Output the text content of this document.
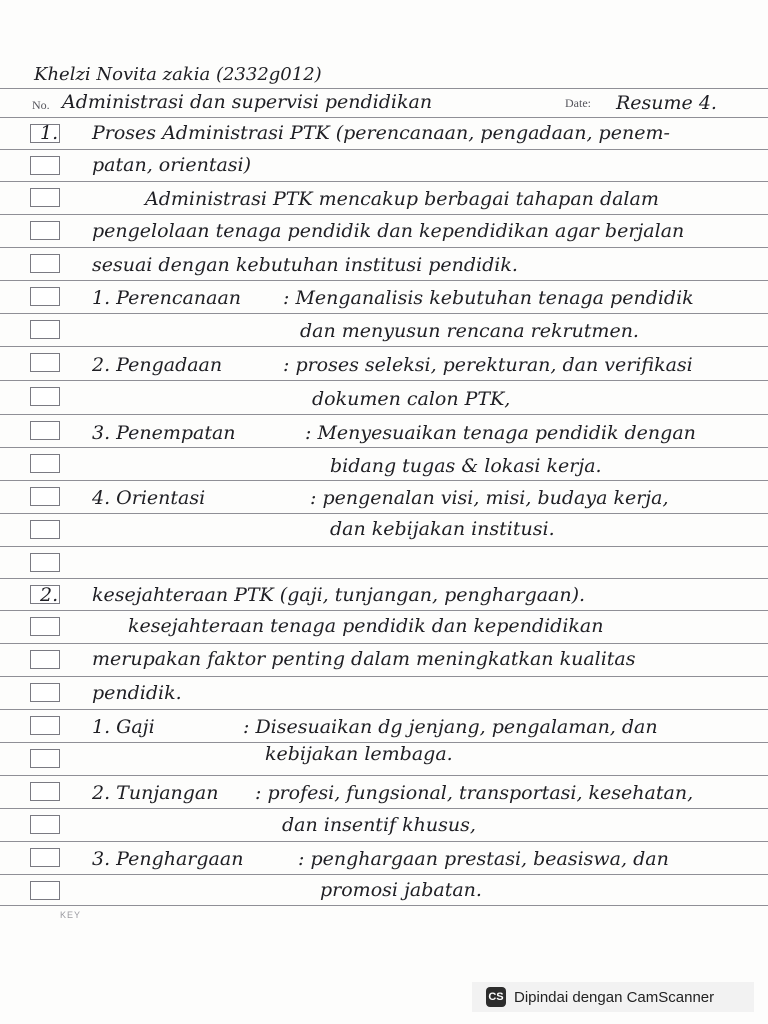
Khelzi Novita zakia (2332g012)
No. Administrasi dan supervisi pendidikan	Date: Resume 4.
1. Proses Administrasi PTK (perencanaan, pengadaan, penem-
patan, orientasi)
Administrasi PTK mencakup berbagai tahapan dalam
pengelolaan tenaga pendidik dan kependidikan agar berjalan
sesuai dengan kebutuhan institusi pendidik.
1. Perencanaan : Menganalisis kebutuhan tenaga pendidik
dan menyusun rencana rekrutmen.
2. Pengadaan	: proses seleksi, perekturan, dan verifikasi
dokumen calon PTK,
3. Penempatan	: Menyesuaikan tenaga pendidik dengan
bidang tugas & lokasi kerja.
4. Orientasi	: pengenalan visi, misi, budaya kerja,
dan kebijakan institusi.
2. kesejahteraan PTK (gaji, tunjangan, penghargaan).
kesejahteraan tenaga pendidik dan kependidikan
merupakan faktor penting dalam meningkatkan kualitas
pendidik.
1. Gaji	: Disesuaikan dg jenjang, pengalaman, dan
kebijakan lembaga.
2. Tunjangan : profesi, fungsional, transportasi, kesehatan,
dan insentif khusus,
3. Penghargaan	: penghargaan prestasi, beasiswa, dan
promosi jabatan.
KEY
CS Dipindai dengan CamScanner
